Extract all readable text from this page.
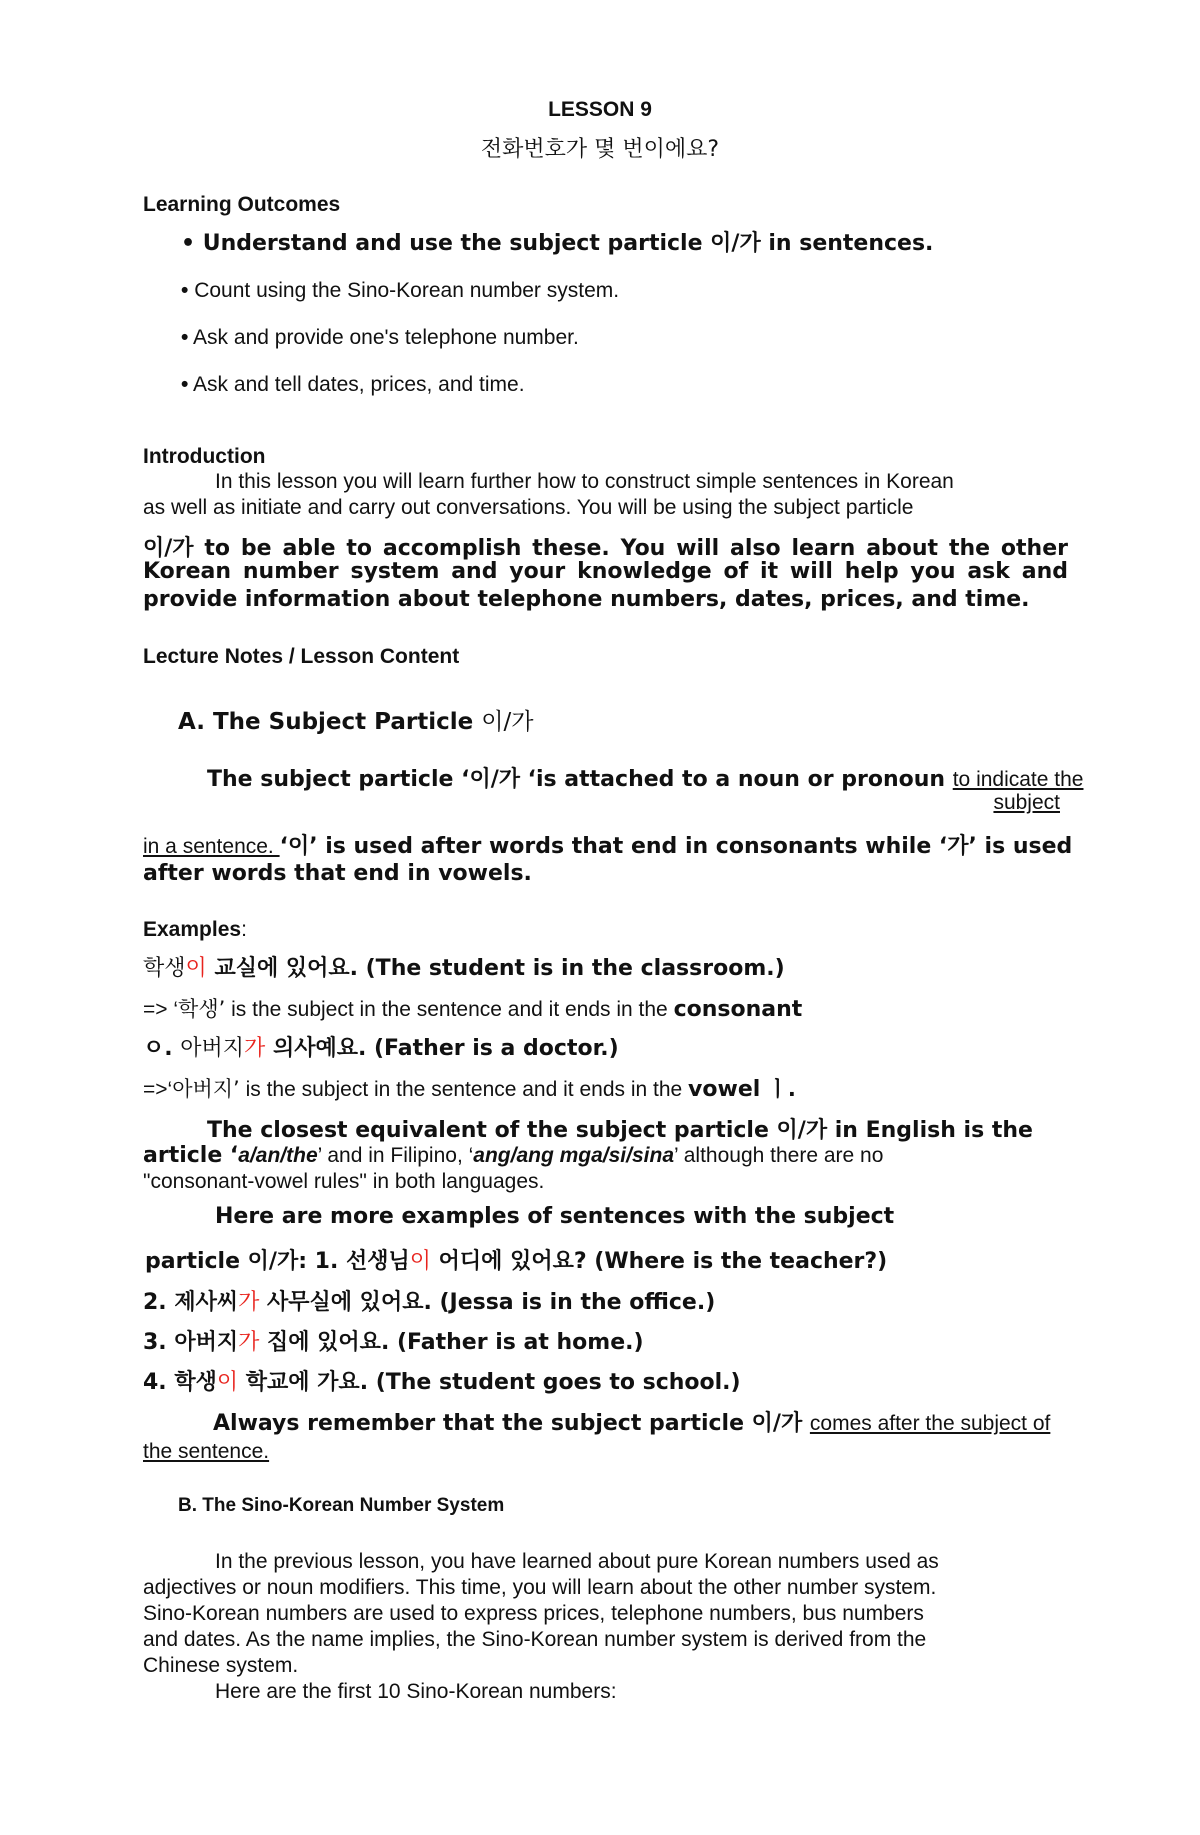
LESSON 9
전화번호가 몇 번이에요?
Learning Outcomes
• Understand and use the subject particle 이/가 in sentences.
• Count using the Sino-Korean number system.
• Ask and provide one's telephone number.
• Ask and tell dates, prices, and time.
Introduction
In this lesson you will learn further how to construct simple sentences in Korean
as well as initiate and carry out conversations. You will be using the subject particle
이/가 to be able to accomplish these. You will also learn about the other
Korean number system and your knowledge of it will help you ask and
provide information about telephone numbers, dates, prices, and time.
Lecture Notes / Lesson Content
A. The Subject Particle 이/가
The subject particle ‘이/가 ‘is attached to a noun or pronoun to indicate the
subject
in a sentence. ‘이’ is used after words that end in consonants while ‘가’ is used
after words that end in vowels.
Examples:
학생이 교실에 있어요. (The student is in the classroom.)
=> ‘학생’ is the subject in the sentence and it ends in the consonant
ㅇ. 아버지가 의사예요. (Father is a doctor.)
=>‘아버지’ is the subject in the sentence and it ends in the vowel ㅣ.
The closest equivalent of the subject particle 이/가 in English is the
article ‘a/an/the’ and in Filipino, ‘ang/ang mga/si/sina’ although there are no
"consonant-vowel rules" in both languages.
Here are more examples of sentences with the subject
particle 이/가: 1. 선생님이 어디에 있어요? (Where is the teacher?)
2. 제사씨가 사무실에 있어요. (Jessa is in the office.)
3. 아버지가 집에 있어요. (Father is at home.)
4. 학생이 학교에 가요. (The student goes to school.)
Always remember that the subject particle 이/가 comes after the subject of
the sentence.
B. The Sino-Korean Number System
In the previous lesson, you have learned about pure Korean numbers used as
adjectives or noun modifiers. This time, you will learn about the other number system.
Sino-Korean numbers are used to express prices, telephone numbers, bus numbers
and dates. As the name implies, the Sino-Korean number system is derived from the
Chinese system.
Here are the first 10 Sino-Korean numbers:
